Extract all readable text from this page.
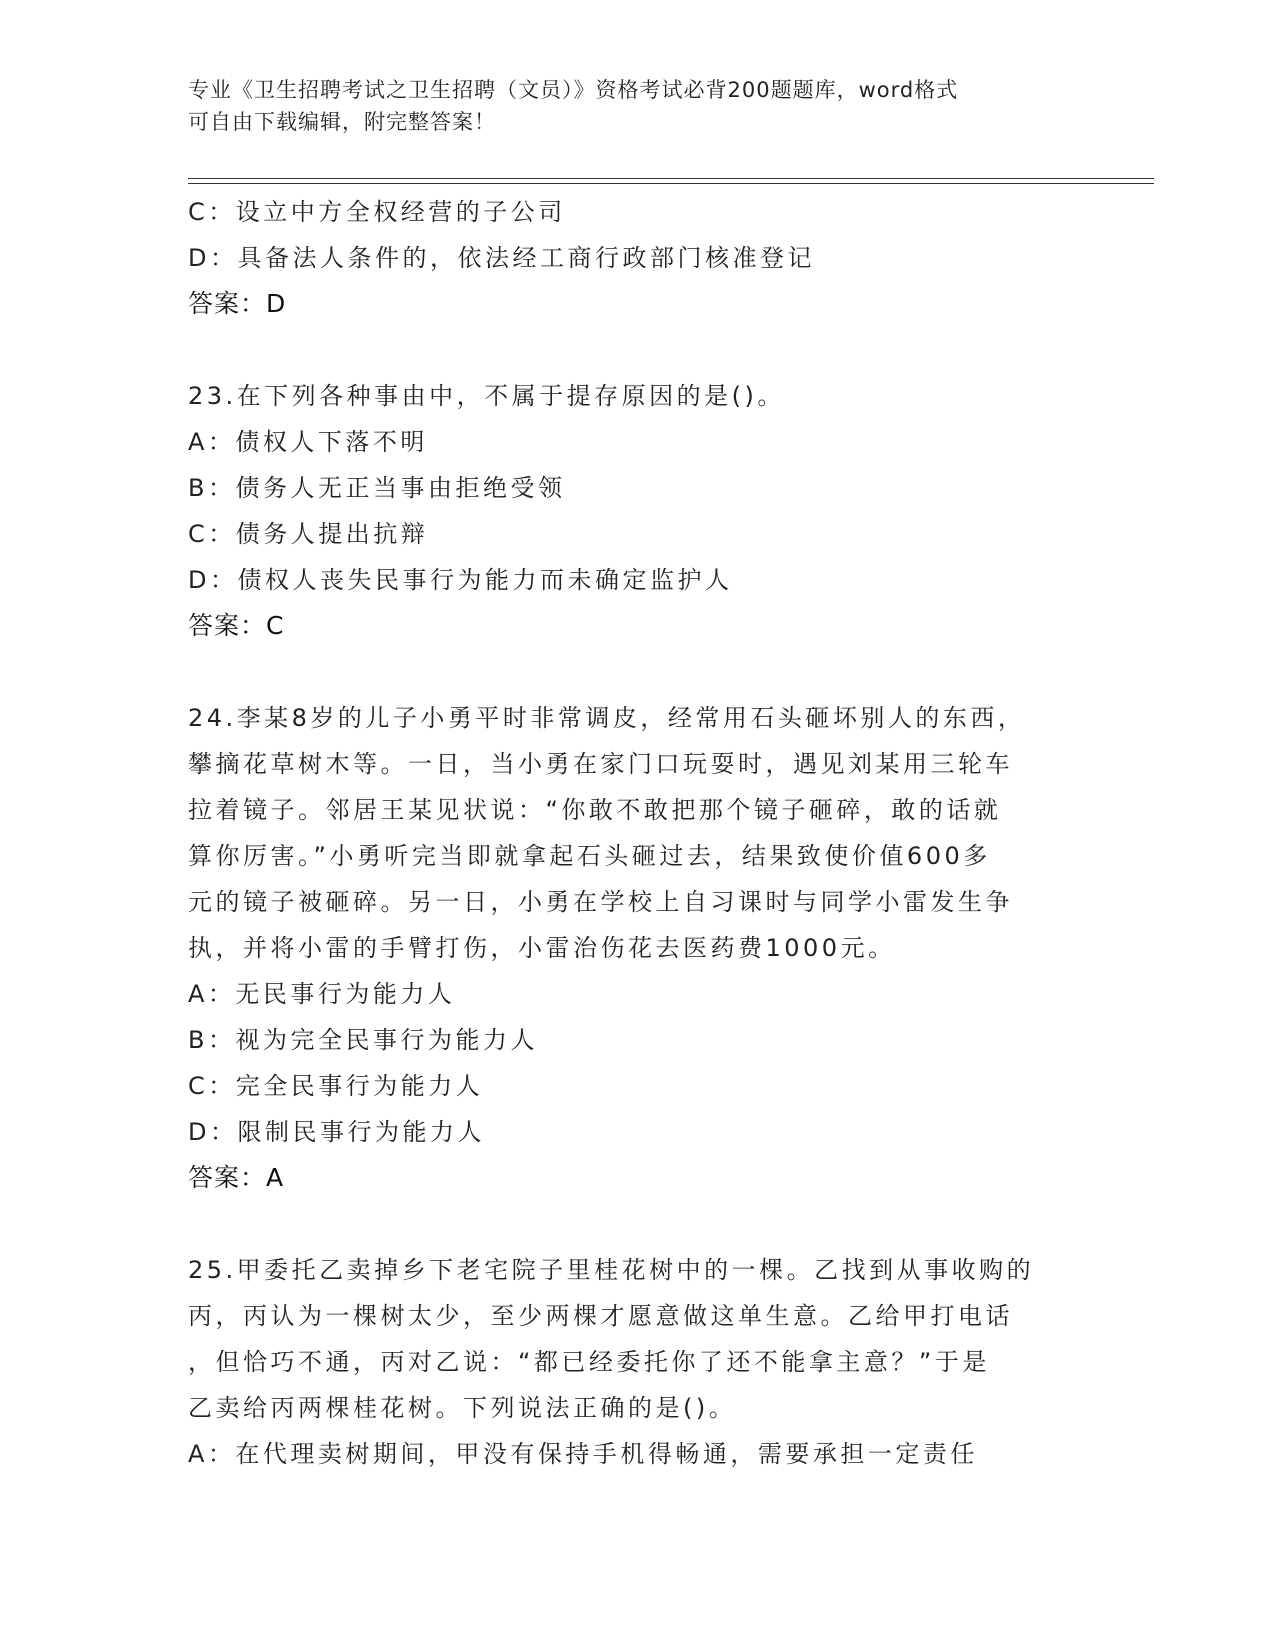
专业《卫生招聘考试之卫生招聘（文员）》资格考试必背200题题库，word格式
可自由下载编辑，附完整答案！
C：设立中方全权经营的子公司
D：具备法人条件的，依法经工商行政部门核准登记
答案：D
23.在下列各种事由中，不属于提存原因的是()。
A：债权人下落不明
B：债务人无正当事由拒绝受领
C：债务人提出抗辩
D：债权人丧失民事行为能力而未确定监护人
答案：C
24.李某8岁的儿子小勇平时非常调皮，经常用石头砸坏别人的东西，
攀摘花草树木等。一日，当小勇在家门口玩耍时，遇见刘某用三轮车
拉着镜子。邻居王某见状说：“你敢不敢把那个镜子砸碎，敢的话就
算你厉害。”小勇听完当即就拿起石头砸过去，结果致使价值600多
元的镜子被砸碎。另一日，小勇在学校上自习课时与同学小雷发生争
执，并将小雷的手臂打伤，小雷治伤花去医药费1000元。
A：无民事行为能力人
B：视为完全民事行为能力人
C：完全民事行为能力人
D：限制民事行为能力人
答案：A
25.甲委托乙卖掉乡下老宅院子里桂花树中的一棵。乙找到从事收购的
丙，丙认为一棵树太少，至少两棵才愿意做这单生意。乙给甲打电话
，但恰巧不通，丙对乙说：“都已经委托你了还不能拿主意？”于是
乙卖给丙两棵桂花树。下列说法正确的是()。
A：在代理卖树期间，甲没有保持手机得畅通，需要承担一定责任
